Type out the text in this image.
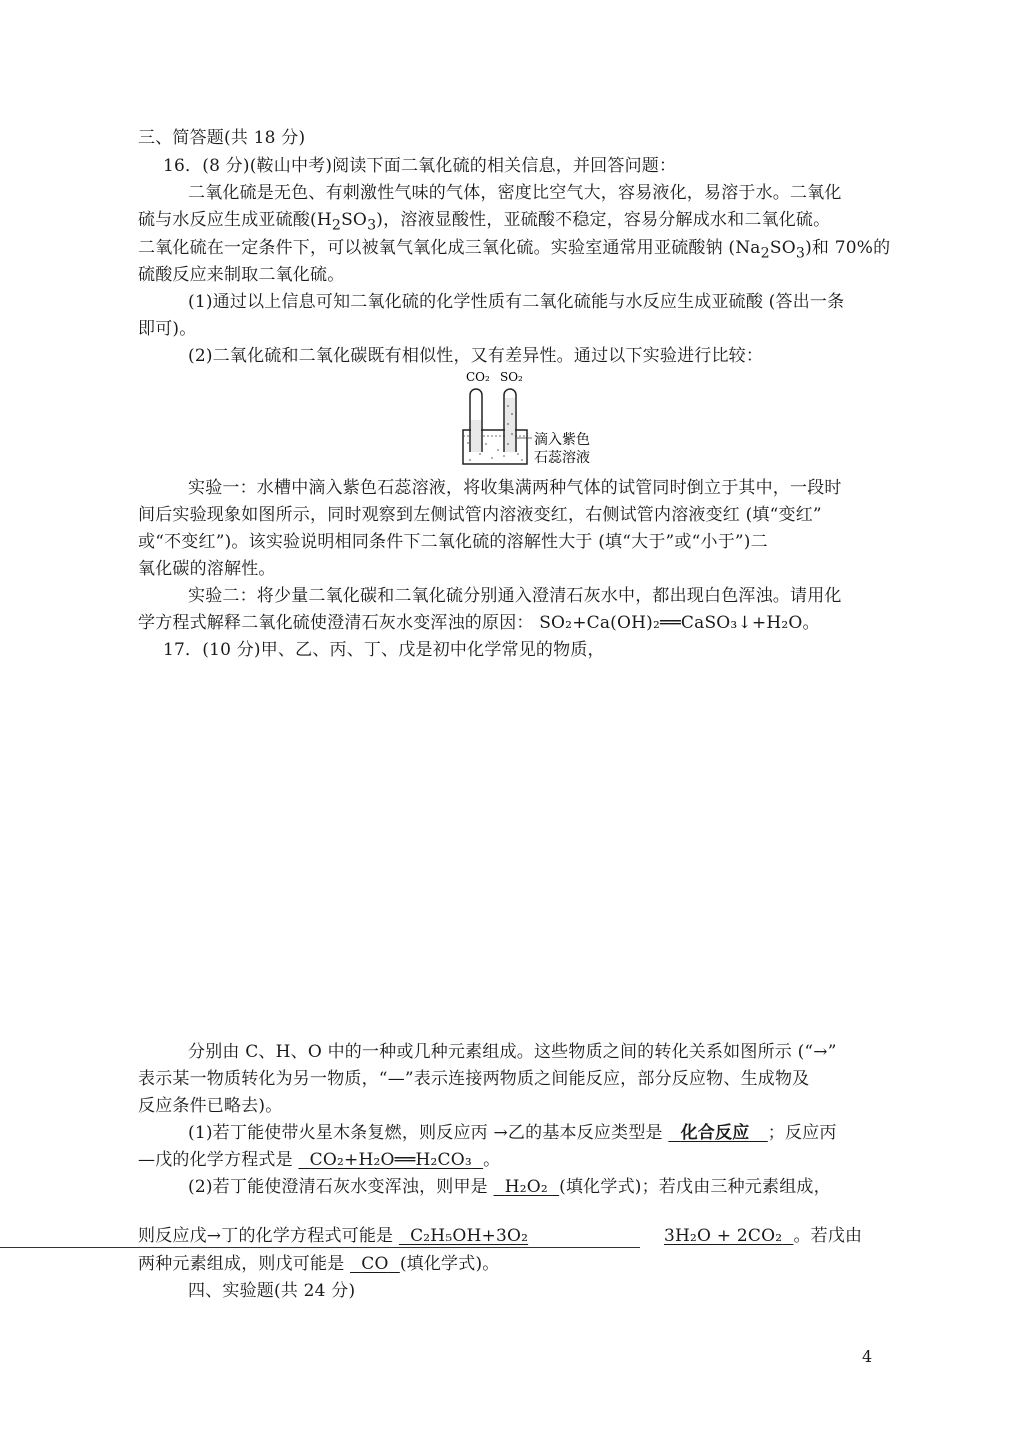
三、简答题(共 18 分)
16．(8 分)(鞍山中考)阅读下面二氧化硫的相关信息，并回答问题：
二氧化硫是无色、有刺激性气味的气体，密度比空气大，容易液化，易溶于水。二氧化
硫与水反应生成亚硫酸$(H_2SO_3)$，溶液显酸性，亚硫酸不稳定，容易分解成水和二氧化硫。
二氧化硫在一定条件下，可以被氧气氧化成三氧化硫。实验室通常用亚硫酸钠 $(Na_2SO_3)$和 70%的
硫酸反应来制取二氧化硫。
(1)通过以上信息可知二氧化硫的化学性质有二氧化硫能与水反应生成亚硫酸 (答出一条
即可)。
(2)二氧化硫和二氧化碳既有相似性，又有差异性。通过以下实验进行比较：
CO₂ SO₂
滴入紫色
石蕊溶液
实验一：水槽中滴入紫色石蕊溶液，将收集满两种气体的试管同时倒立于其中，一段时
间后实验现象如图所示，同时观察到左侧试管内溶液变红，右侧试管内溶液变红 (填“变红”
或“不变红”)。该实验说明相同条件下二氧化硫的溶解性大于 (填“大于”或“小于”)二
氧化碳的溶解性。
实验二：将少量二氧化碳和二氧化硫分别通入澄清石灰水中，都出现白色浑浊。请用化
学方程式解释二氧化硫使澄清石灰水变浑浊的原因： SO₂+Ca(OH)₂══CaSO₃↓+H₂O。
17．(10 分)甲、乙、丙、丁、戊是初中化学常见的物质，
分别由 C、H、O 中的一种或几种元素组成。这些物质之间的转化关系如图所示 (“→”
表示某一物质转化为另一物质，“—”表示连接两物质之间能反应，部分反应物、生成物及
反应条件已略去)。
(1)若丁能使带火星木条复燃，则反应丙 →乙的基本反应类型是 化合反应 ；反应丙
—戊的化学方程式是 CO₂+H₂O══H₂CO₃ 。
(2)若丁能使澄清石灰水变浑浊，则甲是 H₂O₂ (填化学式)；若戊由三种元素组成，
则反应戊→丁的化学方程式可能是 C₂H₅OH+3O₂	3H₂O + 2CO₂ 。若戊由
两种元素组成，则戊可能是 CO (填化学式)。
四、实验题(共 24 分)
4
